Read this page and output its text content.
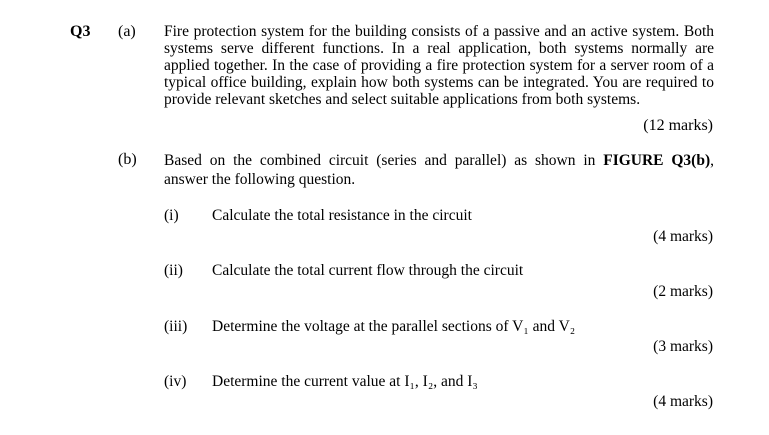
Q3 (a) Fire protection system for the building consists of a passive and an active system. Both systems serve different functions. In a real application, both systems normally are applied together. In the case of providing a fire protection system for a server room of a typical office building, explain how both systems can be integrated. You are required to provide relevant sketches and select suitable applications from both systems.
(12 marks)
(b) Based on the combined circuit (series and parallel) as shown in FIGURE Q3(b), answer the following question.
(i) Calculate the total resistance in the circuit
(4 marks)
(ii) Calculate the total current flow through the circuit
(2 marks)
(iii) Determine the voltage at the parallel sections of V₁ and V₂
(3 marks)
(iv) Determine the current value at I₁, I₂, and I₃
(4 marks)
